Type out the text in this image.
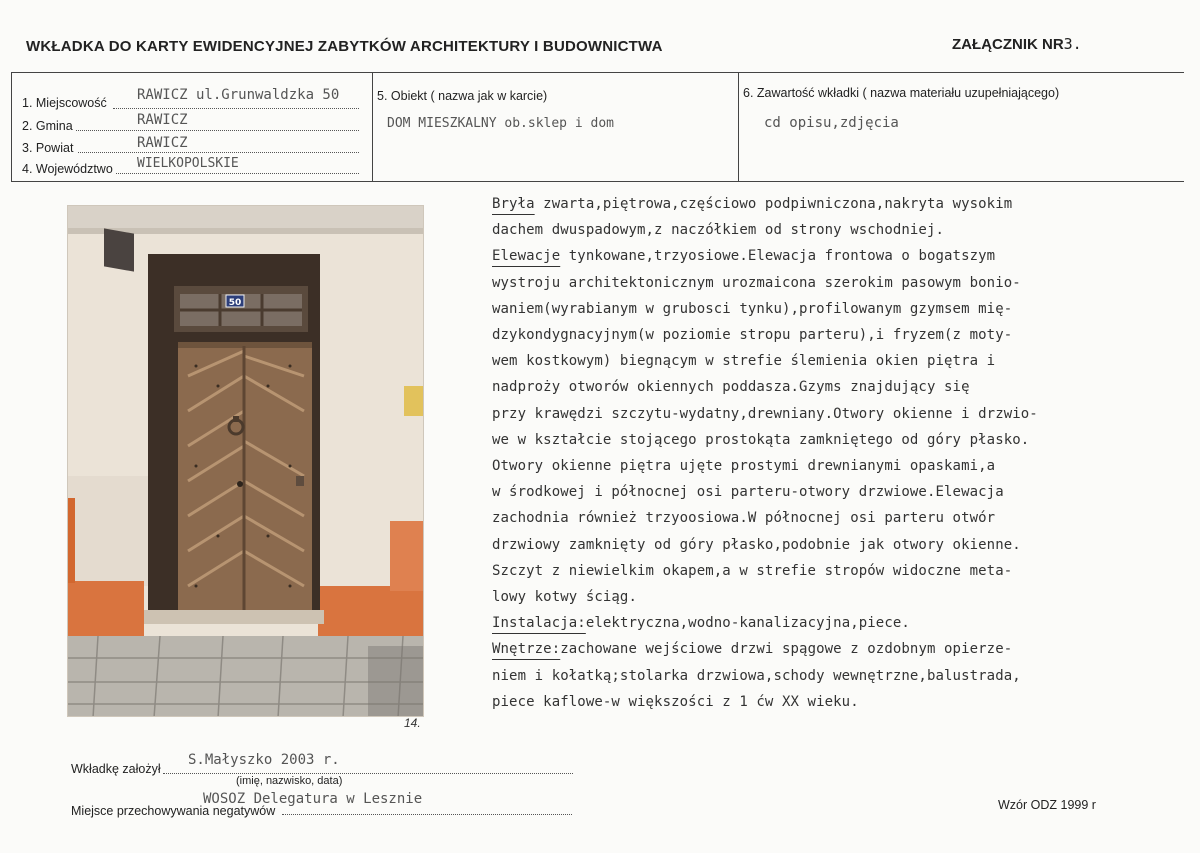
WKŁADKA DO KARTY EWIDENCYJNEJ ZABYTKÓW ARCHITEKTURY I BUDOWNICTWA	ZAŁĄCZNIK NR3.
1. Miejscowość RAWICZ ul.Grunwaldzka 50
2. Gmina	RAWICZ
3. Powiat	RAWICZ
4. Województwo WIELKOPOLSKIE
5. Obiekt ( nazwa jak w karcie)
DOM MIESZKALNY ob.sklep i dom
6. Zawartość wkładki ( nazwa materiału uzupełniającego)
cd opisu,zdjęcia
50
14.

Bryła zwarta,piętrowa,częściowo podpiwniczona,nakryta wysokim

dachem dwuspadowym,z naczółkiem od strony wschodniej.

Elewacje tynkowane,trzyosiowe.Elewacja frontowa o bogatszym

wystroju architektonicznym urozmaicona szerokim pasowym bonio-

waniem(wyrabianym w grubosci tynku),profilowanym gzymsem mię-

dzykondygnacyjnym(w poziomie stropu parteru),i fryzem(z moty-

wem kostkowym) biegnącym w strefie ślemienia okien piętra i

nadproży otworów okiennych poddasza.Gzyms znajdujący się

przy krawędzi szczytu-wydatny,drewniany.Otwory okienne i drzwio-

we w kształcie stojącego prostokąta zamkniętego od góry płasko.

Otwory okienne piętra ujęte prostymi drewnianymi opaskami,a

w środkowej i północnej osi parteru-otwory drzwiowe.Elewacja

zachodnia również trzyoosiowa.W północnej osi parteru otwór

drzwiowy zamknięty od góry płasko,podobnie jak otwory okienne.

Szczyt z niewielkim okapem,a w strefie stropów widoczne meta-

lowy kotwy ściąg.

Instalacja:elektryczna,wodno-kanalizacyjna,piece.

Wnętrze:zachowane wejściowe drzwi spągowe z ozdobnym opierze-

niem i kołatką;stolarka drzwiowa,schody wewnętrzne,balustrada,

piece kaflowe-w większości z 1 ćw XX wieku.

Wkładkę założył
S.Małyszko 2003 r.
(imię, nazwisko, data)
Miejsce przechowywania negatywów
WOSOZ Delegatura w Lesznie	Wzór ODZ 1999 r
